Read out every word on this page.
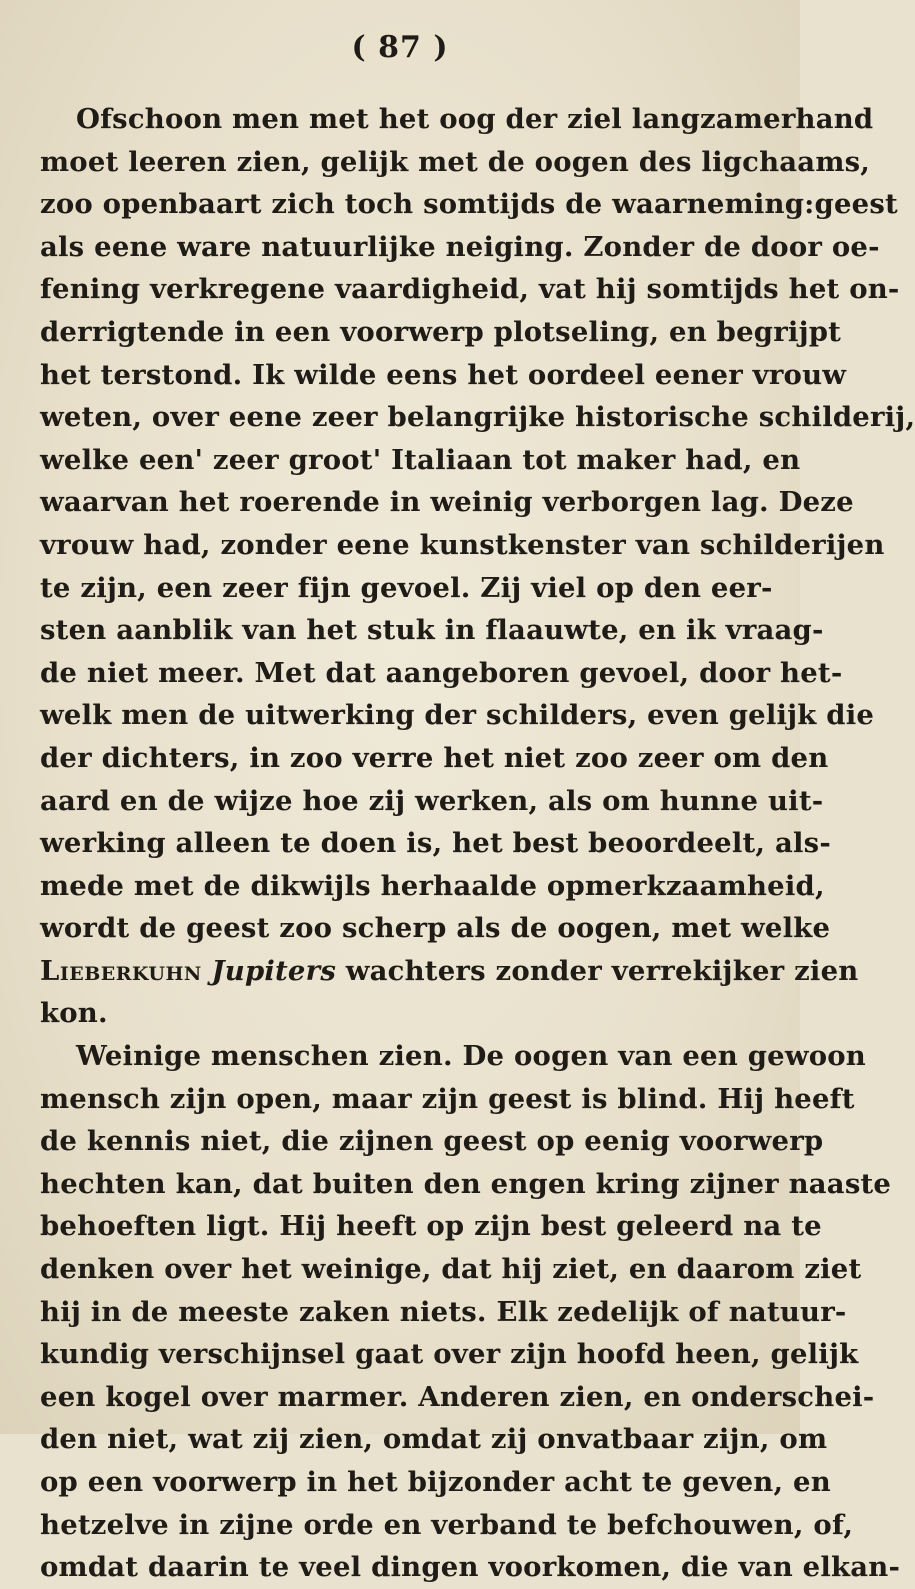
( 87 )
Ofschoon men met het oog der ziel langzamerhand
moet leeren zien, gelijk met de oogen des ligchaams,
zoo openbaart zich toch somtijds de waarneming:geest
als eene ware natuurlijke neiging. Zonder de door oe-
fening verkregene vaardigheid, vat hij somtijds het on-
derrigtende in een voorwerp plotseling, en begrijpt
het terstond. Ik wilde eens het oordeel eener vrouw
weten, over eene zeer belangrijke historische schilderij,
welke een' zeer groot' Italiaan tot maker had, en
waarvan het roerende in weinig verborgen lag. Deze
vrouw had, zonder eene kunstkenster van schilderijen
te zijn, een zeer fijn gevoel. Zij viel op den eer-
sten aanblik van het stuk in flaauwte, en ik vraag-
de niet meer. Met dat aangeboren gevoel, door het-
welk men de uitwerking der schilders, even gelijk die
der dichters, in zoo verre het niet zoo zeer om den
aard en de wijze hoe zij werken, als om hunne uit-
werking alleen te doen is, het best beoordeelt, als-
mede met de dikwijls herhaalde opmerkzaamheid,
wordt de geest zoo scherp als de oogen, met welke
Lieberkuhn Jupiters wachters zonder verrekijker zien
kon.
Weinige menschen zien. De oogen van een gewoon
mensch zijn open, maar zijn geest is blind. Hij heeft
de kennis niet, die zijnen geest op eenig voorwerp
hechten kan, dat buiten den engen kring zijner naaste
behoeften ligt. Hij heeft op zijn best geleerd na te
denken over het weinige, dat hij ziet, en daarom ziet
hij in de meeste zaken niets. Elk zedelijk of natuur-
kundig verschijnsel gaat over zijn hoofd heen, gelijk
een kogel over marmer. Anderen zien, en onderschei-
den niet, wat zij zien, omdat zij onvatbaar zijn, om
op een voorwerp in het bijzonder acht te geven, en
hetzelve in zijne orde en verband te befchouwen, of,
omdat daarin te veel dingen voorkomen, die van elkan-
